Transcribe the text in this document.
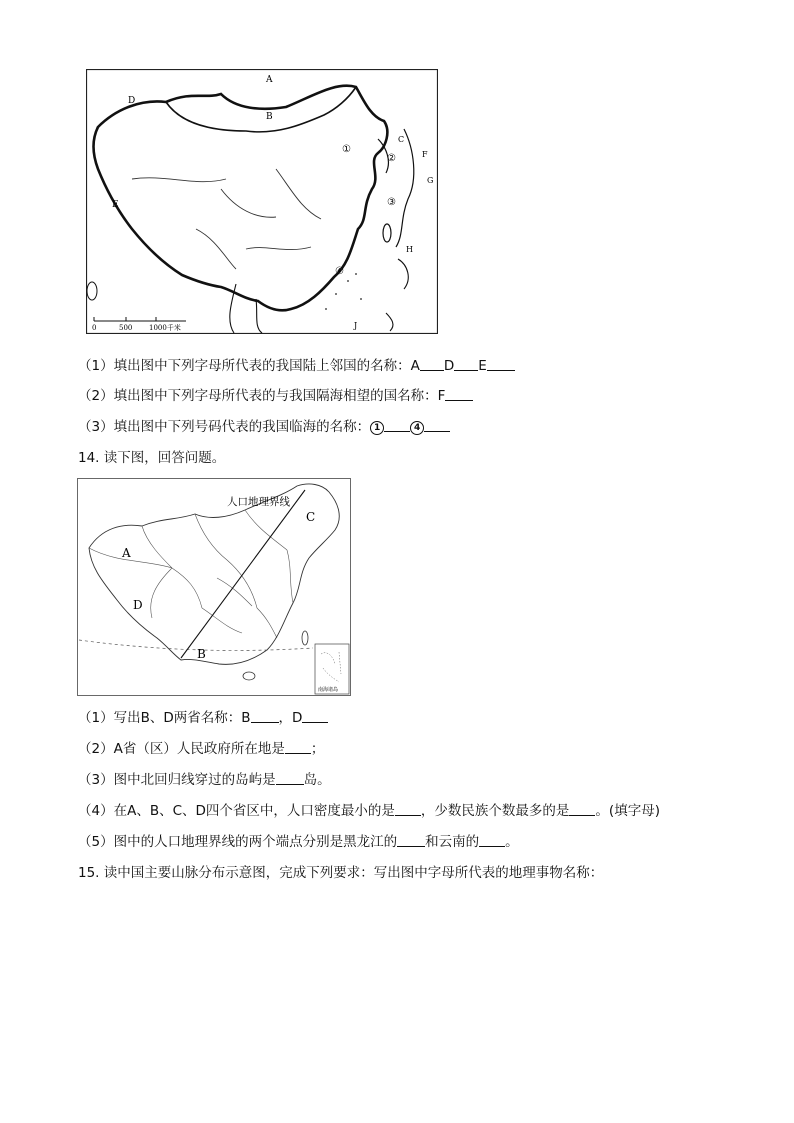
A
B
C
D
E
F
G
H
J
①
②
③
④
0	500 1000千米
（1）填出图中下列字母所代表的我国陆上邻国的名称：A D E
（2）填出图中下列字母所代表的与我国隔海相望的国名称：F
（3）填出图中下列号码代表的我国临海的名称： 1	4
14. 读下图，回答问题。
人口地理界线
A
B
C
D
南海诸岛
（1）写出B、D两省名称：B ，D
（2）A省（区）人民政府所在地是 ；
（3）图中北回归线穿过的岛屿是 岛。
（4）在A、B、C、D四个省区中，人口密度最小的是 ，少数民族个数最多的是 。(填字母)
（5）图中的人口地理界线的两个端点分别是黑龙江的 和云南的 。
15. 读中国主要山脉分布示意图，完成下列要求：写出图中字母所代表的地理事物名称：
